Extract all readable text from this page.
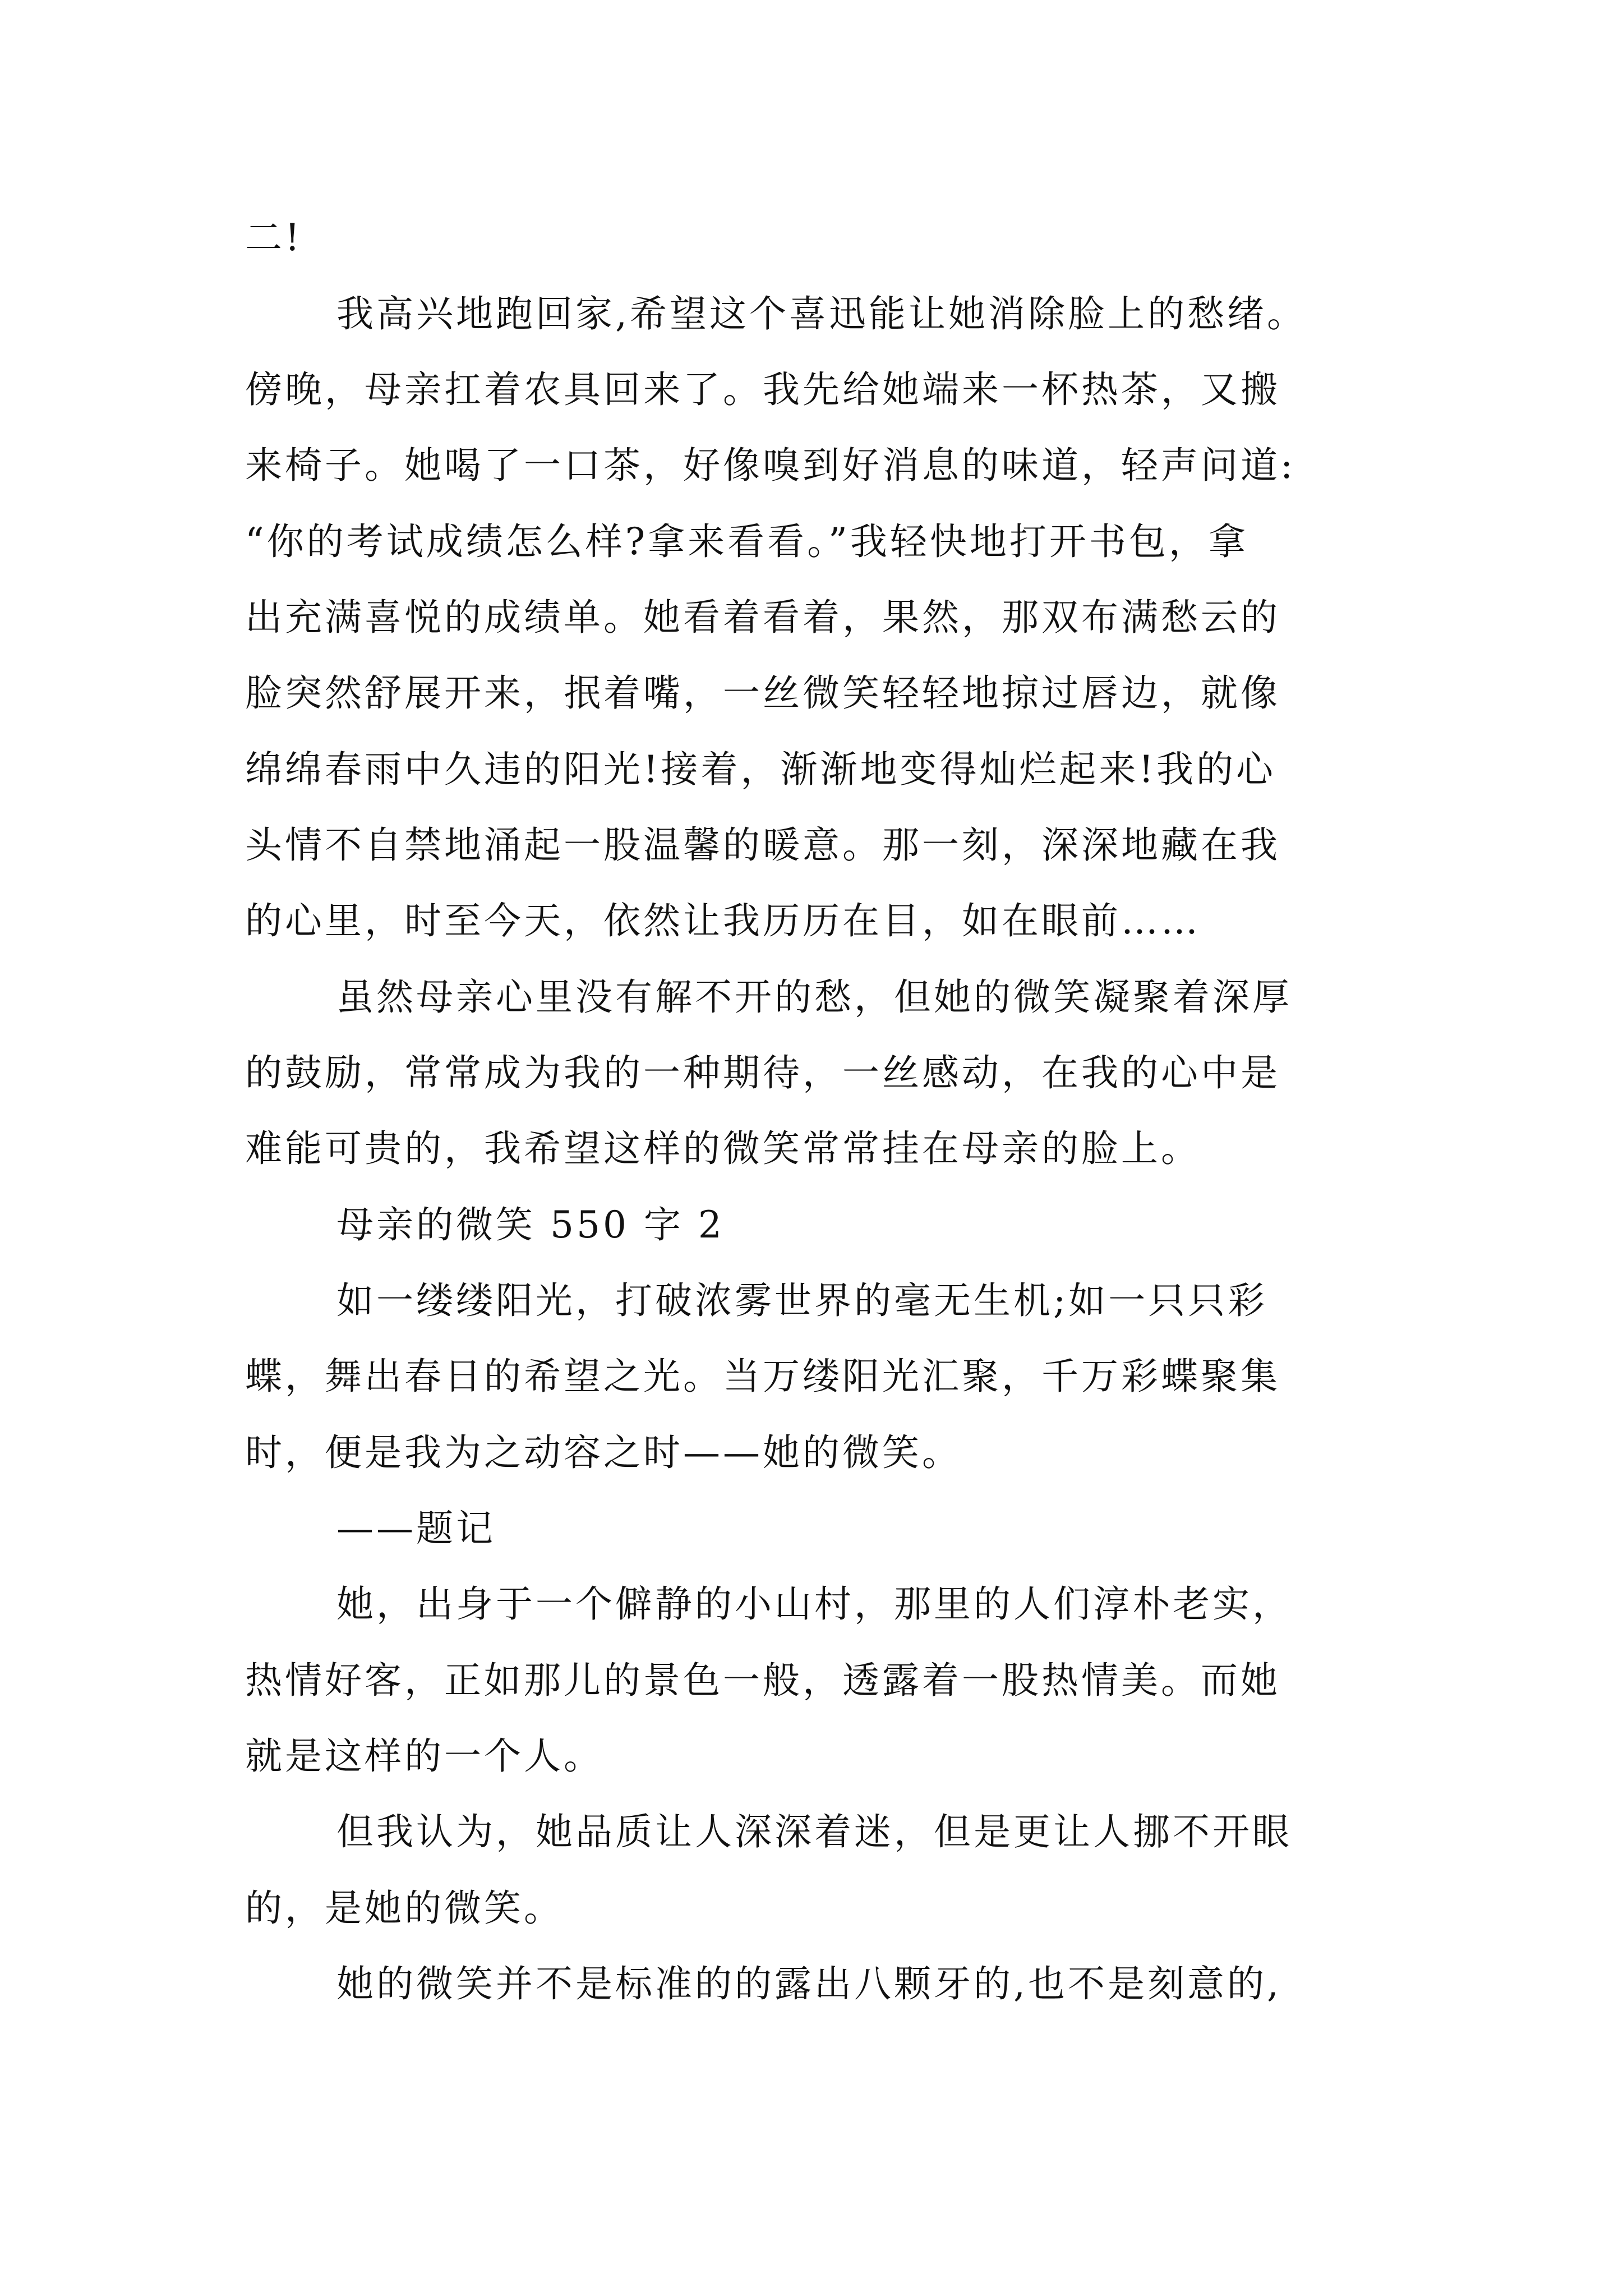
二!
我高兴地跑回家,希望这个喜迅能让她消除脸上的愁绪。
傍晚，母亲扛着农具回来了。我先给她端来一杯热茶，又搬
来椅子。她喝了一口茶，好像嗅到好消息的味道，轻声问道:
“你的考试成绩怎么样?拿来看看。”我轻快地打开书包，拿
出充满喜悦的成绩单。她看着看着，果然，那双布满愁云的
脸突然舒展开来，抿着嘴，一丝微笑轻轻地掠过唇边，就像
绵绵春雨中久违的阳光!接着，渐渐地变得灿烂起来!我的心
头情不自禁地涌起一股温馨的暖意。那一刻，深深地藏在我
的心里，时至今天，依然让我历历在目，如在眼前……
虽然母亲心里没有解不开的愁，但她的微笑凝聚着深厚
的鼓励，常常成为我的一种期待，一丝感动，在我的心中是
难能可贵的，我希望这样的微笑常常挂在母亲的脸上。
母亲的微笑 550 字 2
如一缕缕阳光，打破浓雾世界的毫无生机;如一只只彩
蝶，舞出春日的希望之光。当万缕阳光汇聚，千万彩蝶聚集
时，便是我为之动容之时——她的微笑。
——题记
她，出身于一个僻静的小山村，那里的人们淳朴老实，
热情好客，正如那儿的景色一般，透露着一股热情美。而她
就是这样的一个人。
但我认为，她品质让人深深着迷，但是更让人挪不开眼
的，是她的微笑。
她的微笑并不是标准的的露出八颗牙的,也不是刻意的,
